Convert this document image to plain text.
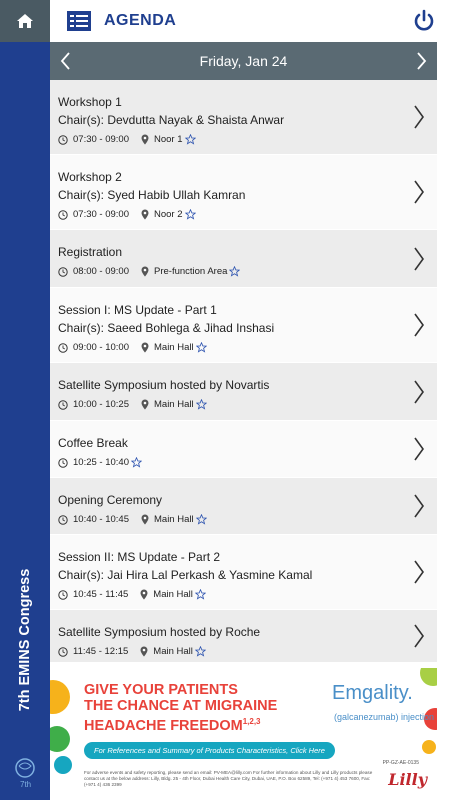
7th EMINS Congress
7th
AGENDA
Friday, Jan 24
Workshop 1
Chair(s): Devdutta Nayak & Shaista Anwar
07:30 - 09:00	Noor 1
Workshop 2
Chair(s): Syed Habib Ullah Kamran
07:30 - 09:00	Noor 2
Registration
08:00 - 09:00	Pre-function Area
Session I: MS Update - Part 1
Chair(s): Saeed Bohlega & Jihad Inshasi
09:00 - 10:00	Main Hall
Satellite Symposium hosted by Novartis
10:00 - 10:25	Main Hall
Coffee Break
10:25 - 10:40
Opening Ceremony
10:40 - 10:45	Main Hall
Session II: MS Update - Part 2
Chair(s): Jai Hira Lal Perkash & Yasmine Kamal
10:45 - 11:45	Main Hall
Satellite Symposium hosted by Roche
11:45 - 12:15	Main Hall
GIVE YOUR PATIENTS
THE CHANCE AT MIGRAINE
HEADACHE FREEDOM$^{1,2,3}$
Emgality.
(galcanezumab) injection
For References and Summary of Products Characteristics, Click Here
PP-GZ-AE-0135
For adverse events and safety reporting, please send an email: PV-MEA@lilly.com For further information about Lilly and Lilly products please contact us at the below address: Lilly, Bldg. 25 - 4th Floor, Dubai Health Care City, Dubai, UAE, P.O. Box 62589, Tel: (+971 4) 453 7600, Fax: (+971 4) 436 2399	Lilly
